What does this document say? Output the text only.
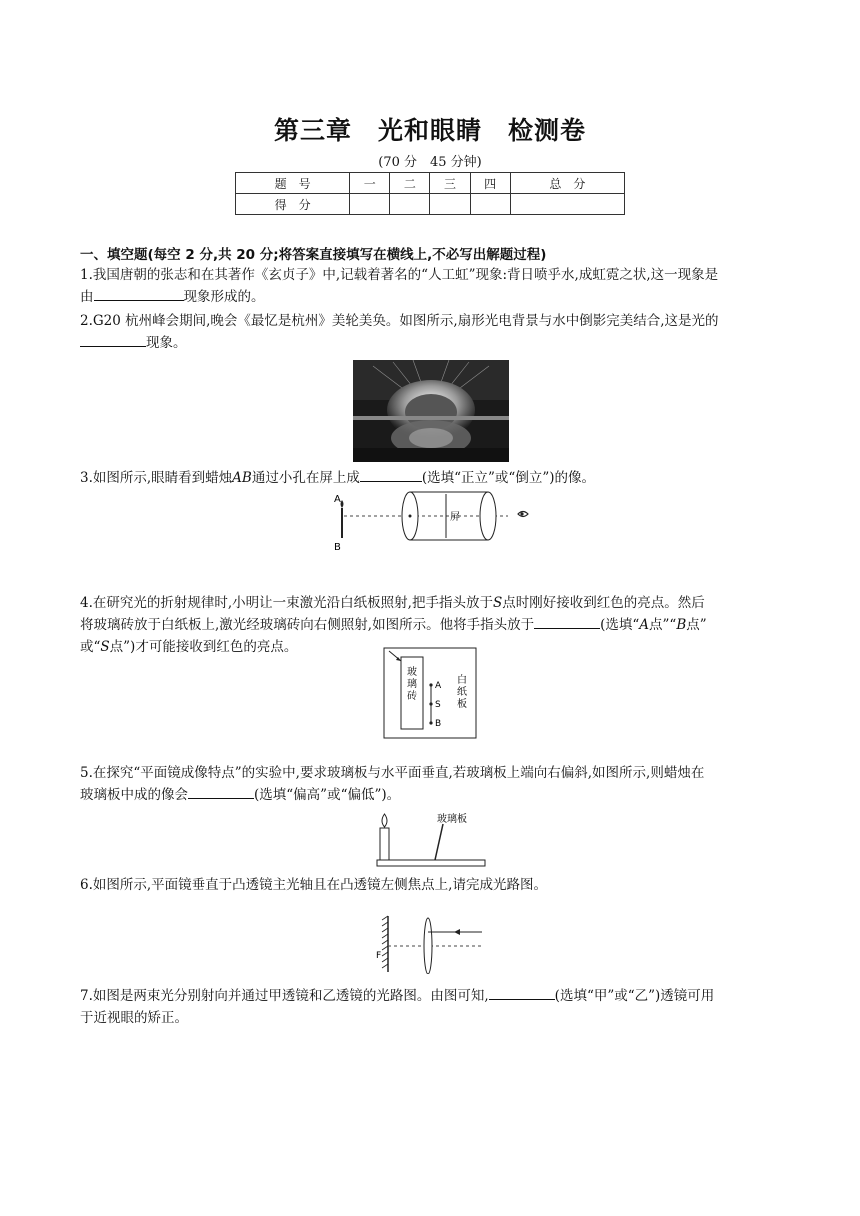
第三章　光和眼睛　检测卷
(70 分　45 分钟)
题　号	一	二	三	四	总　分
得　分					
一、填空题(每空 2 分,共 20 分;将答案直接填写在横线上,不必写出解题过程)
1.我国唐朝的张志和在其著作《玄贞子》中,记载着著名的“人工虹”现象:背日喷乎水,成虹霓之状,这一现象是
由	现象形成的。
2.G20 杭州峰会期间,晚会《最忆是杭州》美轮美奂。如图所示,扇形光电背景与水中倒影完美结合,这是光的
现象。
3.如图所示,眼睛看到蜡烛AB通过小孔在屏上成	(选填“正立”或“倒立”)的像。
A
B
屏
4.在研究光的折射规律时,小明让一束激光沿白纸板照射,把手指头放于S点时刚好接收到红色的亮点。然后
将玻璃砖放于白纸板上,激光经玻璃砖向右侧照射,如图所示。他将手指头放于	(选填“A点”“B点”
或“S点”)才可能接收到红色的亮点。
玻
璃
砖
A
S
B
白
纸
板
5.在探究“平面镜成像特点”的实验中,要求玻璃板与水平面垂直,若玻璃板上端向右偏斜,如图所示,则蜡烛在
玻璃板中成的像会	(选填“偏高”或“偏低”)。
玻璃板
6.如图所示,平面镜垂直于凸透镜主光轴且在凸透镜左侧焦点上,请完成光路图。
F
7.如图是两束光分别射向并通过甲透镜和乙透镜的光路图。由图可知,	(选填“甲”或“乙”)透镜可用
于近视眼的矫正。
